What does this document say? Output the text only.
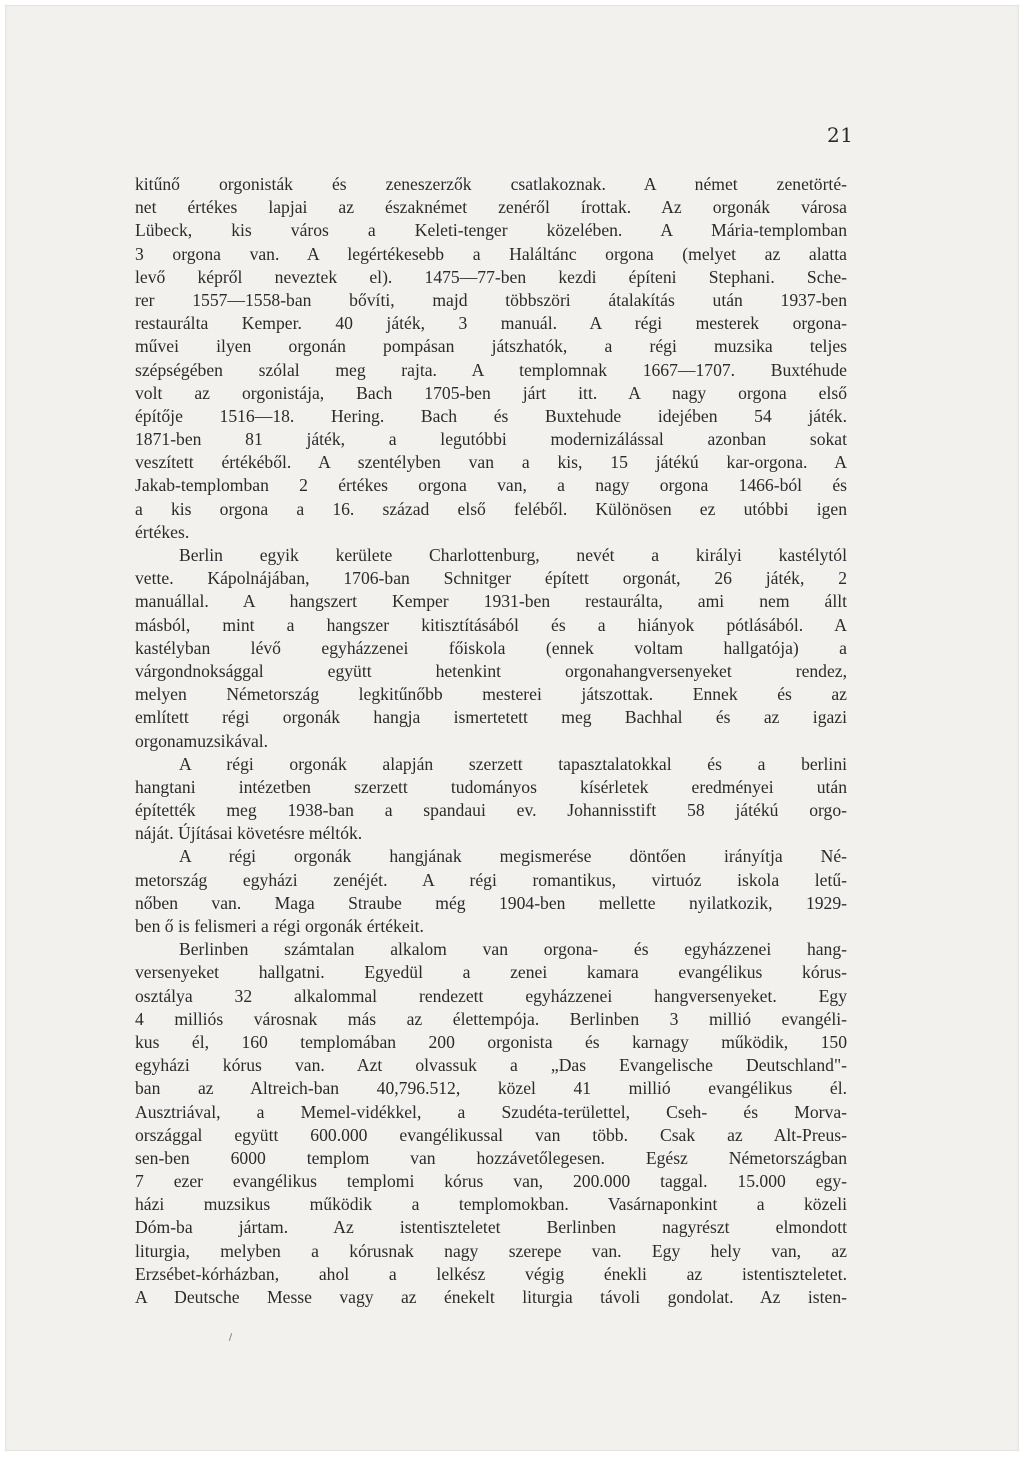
21
kitűnő orgonisták és zeneszerzők csatlakoznak. A német zenetörté-
net értékes lapjai az északnémet zenéről írottak. Az orgonák városa
Lübeck, kis város a Keleti-tenger közelében. A Mária-templomban
3 orgona van. A legértékesebb a Haláltánc orgona (melyet az alatta
levő képről neveztek el). 1475—77-ben kezdi építeni Stephani. Sche-
rer 1557—1558-ban bővíti, majd többszöri átalakítás után 1937-ben
restaurálta Kemper. 40 játék, 3 manuál. A régi mesterek orgona-
művei ilyen orgonán pompásan játszhatók, a régi muzsika teljes
szépségében szólal meg rajta. A templomnak 1667—1707. Buxtéhude
volt az orgonistája, Bach 1705-ben járt itt. A nagy orgona első
építője 1516—18. Hering. Bach és Buxtehude idejében 54 játék.
1871-ben 81 játék, a legutóbbi modernizálással azonban sokat
veszített értékéből. A szentélyben van a kis, 15 játékú kar-orgona. A
Jakab-templomban 2 értékes orgona van, a nagy orgona 1466-ból és
a kis orgona a 16. század első feléből. Különösen ez utóbbi igen
értékes.
Berlin egyik kerülete Charlottenburg, nevét a királyi kastélytól
vette. Kápolnájában, 1706-ban Schnitger épített orgonát, 26 játék, 2
manuállal. A hangszert Kemper 1931-ben restaurálta, ami nem állt
másból, mint a hangszer kitisztításából és a hiányok pótlásából. A
kastélyban lévő egyházzenei főiskola (ennek voltam hallgatója) a
várgondnoksággal együtt hetenkint orgonahangversenyeket rendez,
melyen Németország legkitűnőbb mesterei játszottak. Ennek és az
említett régi orgonák hangja ismertetett meg Bachhal és az igazi
orgonamuzsikával.
A régi orgonák alapján szerzett tapasztalatokkal és a berlini
hangtani intézetben szerzett tudományos kísérletek eredményei után
építették meg 1938-ban a spandaui ev. Johannisstift 58 játékú orgo-
náját. Újításai követésre méltók.
A régi orgonák hangjának megismerése döntően irányítja Né-
metország egyházi zenéjét. A régi romantikus, virtuóz iskola letű-
nőben van. Maga Straube még 1904-ben mellette nyilatkozik, 1929-
ben ő is felismeri a régi orgonák értékeit.
Berlinben számtalan alkalom van orgona- és egyházzenei hang-
versenyeket hallgatni. Egyedül a zenei kamara evangélikus kórus-
osztálya 32 alkalommal rendezett egyházzenei hangversenyeket. Egy
4 milliós városnak más az élettempója. Berlinben 3 millió evangéli-
kus él, 160 templomában 200 orgonista és karnagy működik, 150
egyházi kórus van. Azt olvassuk a „Das Evangelische Deutschland"-
ban az Altreich-ban 40,796.512, közel 41 millió evangélikus él.
Ausztriával, a Memel-vidékkel, a Szudéta-területtel, Cseh- és Morva-
országgal együtt 600.000 evangélikussal van több. Csak az Alt-Preus-
sen-ben 6000 templom van hozzávetőlegesen. Egész Németországban
7 ezer evangélikus templomi kórus van, 200.000 taggal. 15.000 egy-
házi muzsikus működik a templomokban. Vasárnaponkint a közeli
Dóm-ba jártam. Az istentiszteletet Berlinben nagyrészt elmondott
liturgia, melyben a kórusnak nagy szerepe van. Egy hely van, az
Erzsébet-kórházban, ahol a lelkész végig énekli az istentiszteletet.
A Deutsche Messe vagy az énekelt liturgia távoli gondolat. Az isten-
